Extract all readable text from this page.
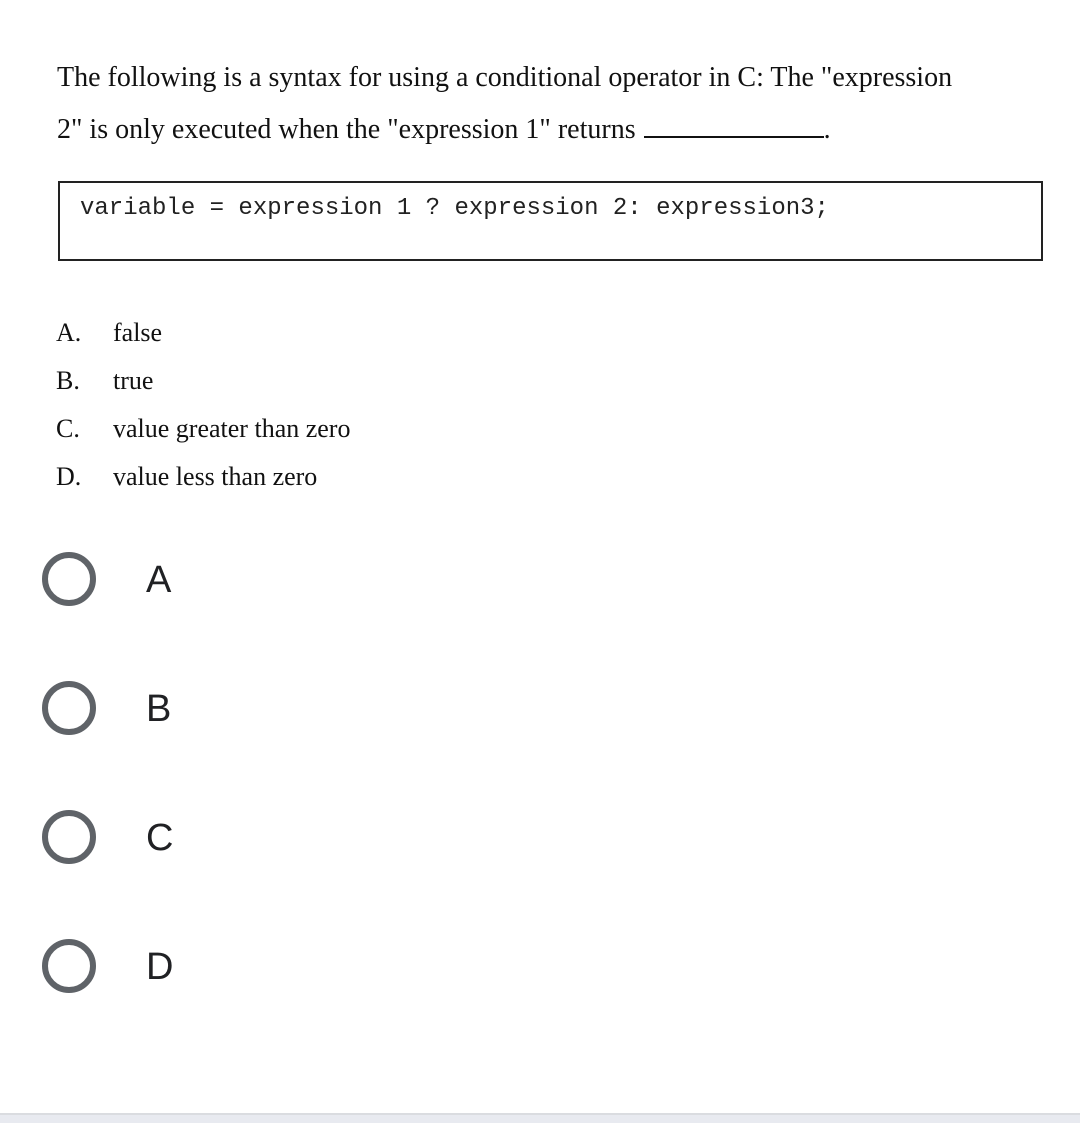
The following is a syntax for using a conditional operator in C: The "expression
2" is only executed when the "expression 1" returns	.
variable = expression 1 ? expression 2: expression3;
A. false
B. true
C. value greater than zero
D. value less than zero
A
B
C
D
